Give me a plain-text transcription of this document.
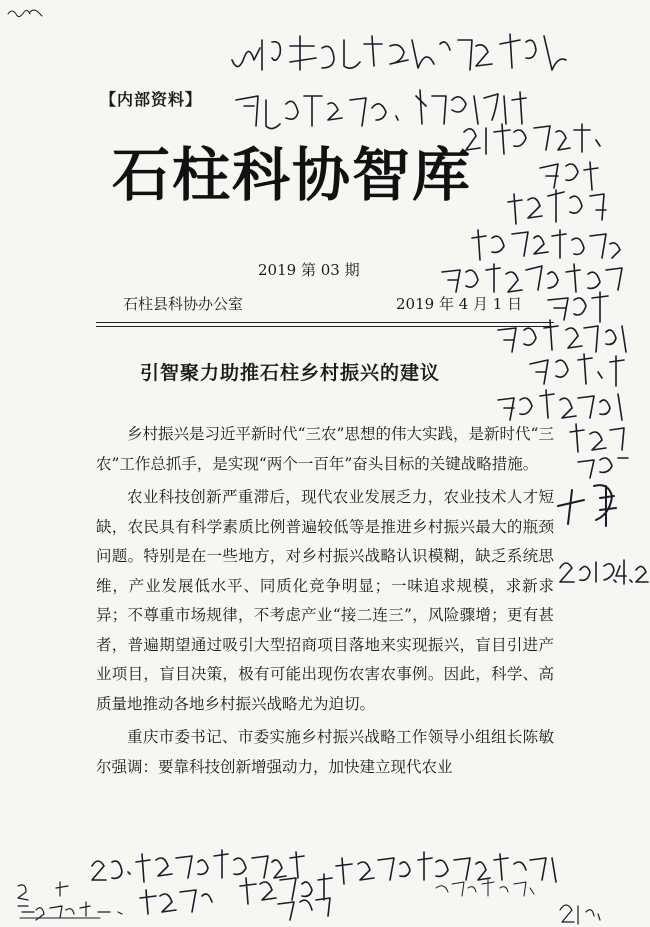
【内部资料】
石柱科协智库
2019 第 03 期
石柱县科协办公室	2019 年 4 月 1 日
引智聚力助推石柱乡村振兴的建议

乡村振兴是习近平新时代“三农”思想的伟大实践，是新时代“三农”工作总抓手，是实现“两个一百年”奋头目标的关键战略措施。

农业科技创新严重滞后，现代农业发展乏力，农业技术人才短缺，农民具有科学素质比例普遍较低等是推进乡村振兴最大的瓶颈问题。特别是在一些地方，对乡村振兴战略认识模糊，缺乏系统思维，产业发展低水平、同质化竞争明显；一味追求规模，求新求异；不尊重市场规律，不考虑产业“接二连三”，风险骤增；更有甚者，普遍期望通过吸引大型招商项目落地来实现振兴，盲目引进产业项目，盲目决策，极有可能出现伤农害农事例。因此，科学、高质量地推动各地乡村振兴战略尤为迫切。

重庆市委书记、市委实施乡村振兴战略工作领导小组组长陈敏尔强调：要靠科技创新增强动力，加快建立现代农业
